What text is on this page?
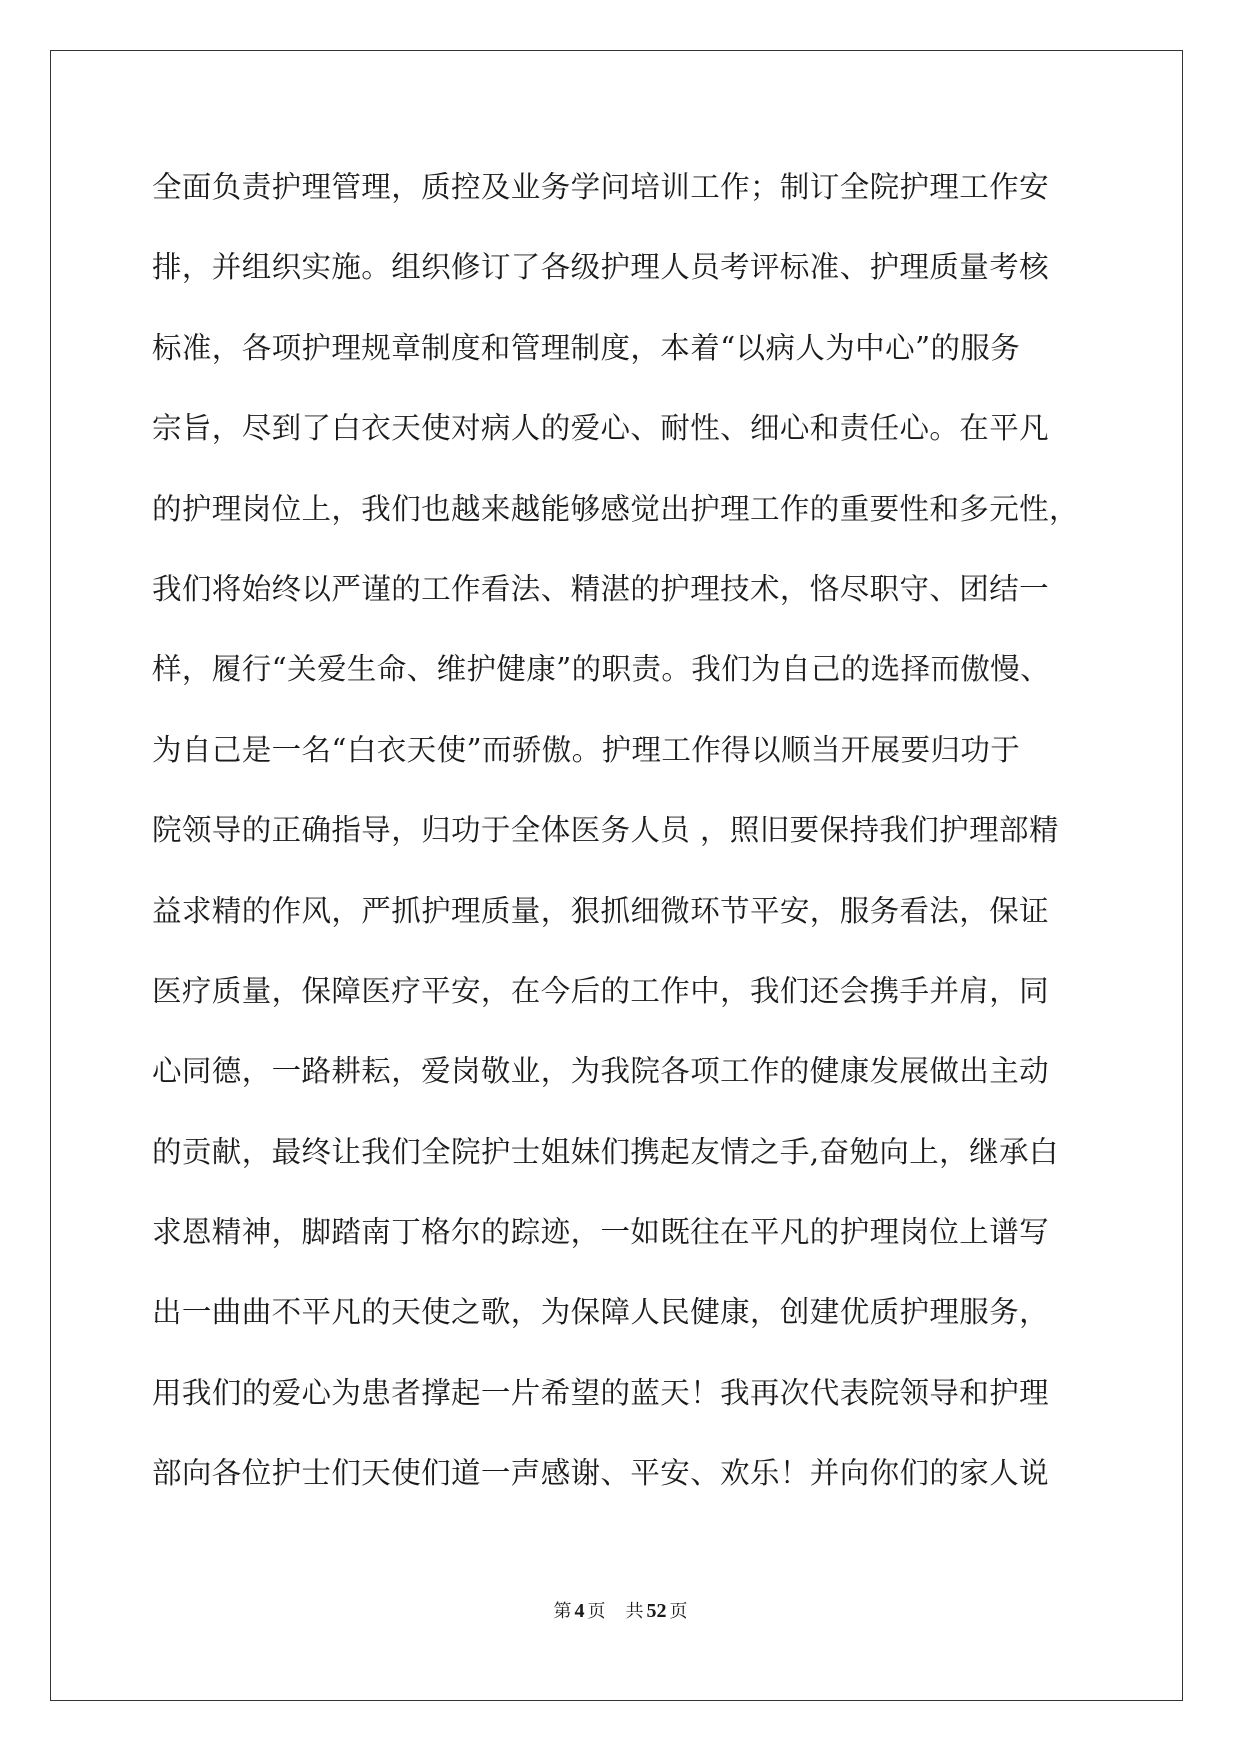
全面负责护理管理，质控及业务学问培训工作；制订全院护理工作安
排，并组织实施。组织修订了各级护理人员考评标准、护理质量考核
标准，各项护理规章制度和管理制度，本着“以病人为中心”的服务
宗旨，尽到了白衣天使对病人的爱心、耐性、细心和责任心。在平凡
的护理岗位上，我们也越来越能够感觉出护理工作的重要性和多元性，
我们将始终以严谨的工作看法、精湛的护理技术，恪尽职守、团结一
样，履行“关爱生命、维护健康”的职责。我们为自己的选择而傲慢、
为自己是一名“白衣天使”而骄傲。护理工作得以顺当开展要归功于
院领导的正确指导，归功于全体医务人员 ，照旧要保持我们护理部精
益求精的作风，严抓护理质量，狠抓细微环节平安，服务看法，保证
医疗质量，保障医疗平安，在今后的工作中，我们还会携手并肩，同
心同德，一路耕耘，爱岗敬业，为我院各项工作的健康发展做出主动
的贡献，最终让我们全院护士姐妹们携起友情之手,奋勉向上，继承白
求恩精神，脚踏南丁格尔的踪迹，一如既往在平凡的护理岗位上谱写
出一曲曲不平凡的天使之歌，为保障人民健康，创建优质护理服务，
用我们的爱心为患者撑起一片希望的蓝天！我再次代表院领导和护理
部向各位护士们天使们道一声感谢、平安、欢乐！并向你们的家人说
第 4 页 共 52 页
